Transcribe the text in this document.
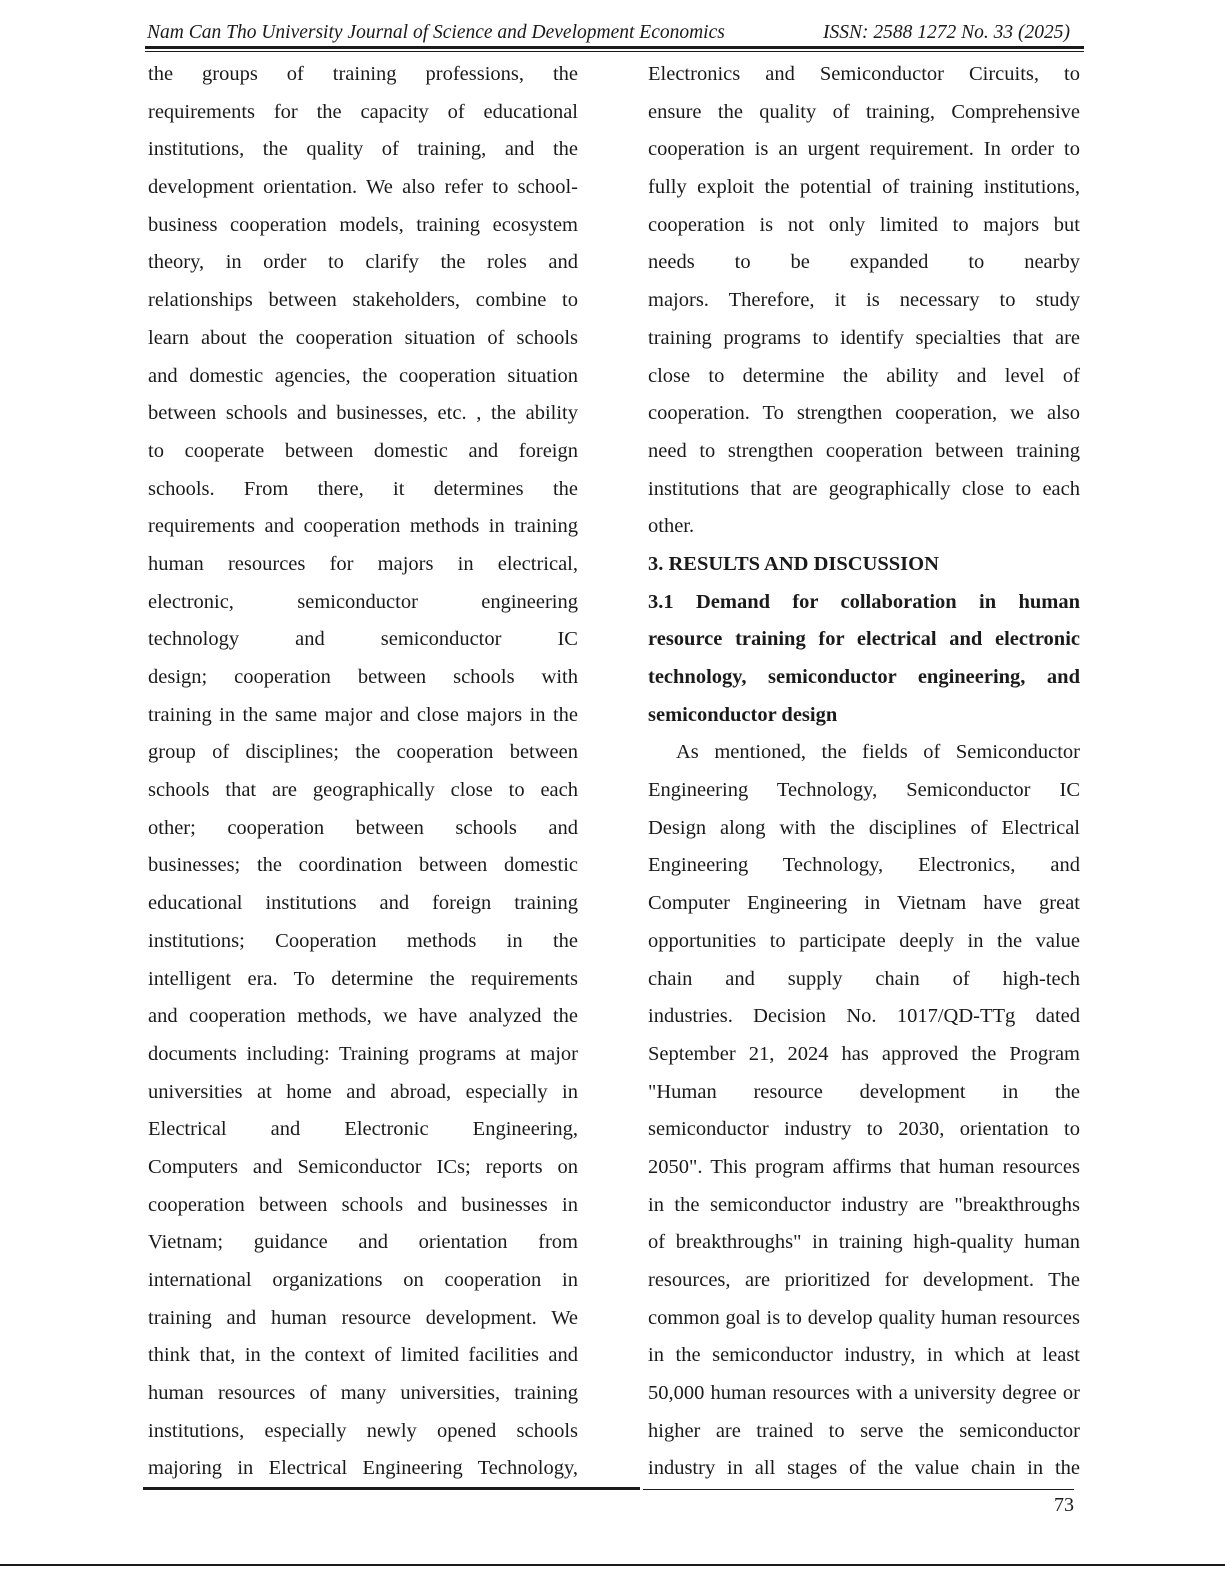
Nam Can Tho University Journal of Science and Development Economics	ISSN: 2588 1272 No. 33 (2025)
the groups of training professions, the
requirements for the capacity of educational
institutions, the quality of training, and the
development orientation. We also refer to school-
business cooperation models, training ecosystem
theory, in order to clarify the roles and
relationships between stakeholders, combine to
learn about the cooperation situation of schools
and domestic agencies, the cooperation situation
between schools and businesses, etc. , the ability
to cooperate between domestic and foreign
schools. From there, it determines the
requirements and cooperation methods in training
human resources for majors in electrical,
electronic, semiconductor engineering
technology and semiconductor IC
design; cooperation between schools with
training in the same major and close majors in the
group of disciplines; the cooperation between
schools that are geographically close to each
other; cooperation between schools and
businesses; the coordination between domestic
educational institutions and foreign training
institutions; Cooperation methods in the
intelligent era. To determine the requirements
and cooperation methods, we have analyzed the
documents including: Training programs at major
universities at home and abroad, especially in
Electrical and Electronic Engineering,
Computers and Semiconductor ICs; reports on
cooperation between schools and businesses in
Vietnam; guidance and orientation from
international organizations on cooperation in
training and human resource development. We
think that, in the context of limited facilities and
human resources of many universities, training
institutions, especially newly opened schools
majoring in Electrical Engineering Technology,
Electronics and Semiconductor Circuits, to
ensure the quality of training, Comprehensive
cooperation is an urgent requirement. In order to
fully exploit the potential of training institutions,
cooperation is not only limited to majors but
needs to be expanded to nearby
majors. Therefore, it is necessary to study
training programs to identify specialties that are
close to determine the ability and level of
cooperation. To strengthen cooperation, we also
need to strengthen cooperation between training
institutions that are geographically close to each
other.
3. RESULTS AND DISCUSSION
3.1 Demand for collaboration in human
resource training for electrical and electronic
technology, semiconductor engineering, and
semiconductor design
As mentioned, the fields of Semiconductor
Engineering Technology, Semiconductor IC
Design along with the disciplines of Electrical
Engineering Technology, Electronics, and
Computer Engineering in Vietnam have great
opportunities to participate deeply in the value
chain and supply chain of high-tech
industries. Decision No. 1017/QD-TTg dated
September 21, 2024 has approved the Program
"Human resource development in the
semiconductor industry to 2030, orientation to
2050". This program affirms that human resources
in the semiconductor industry are "breakthroughs
of breakthroughs" in training high-quality human
resources, are prioritized for development. The
common goal is to develop quality human resources
in the semiconductor industry, in which at least
50,000 human resources with a university degree or
higher are trained to serve the semiconductor
industry in all stages of the value chain in the
73
